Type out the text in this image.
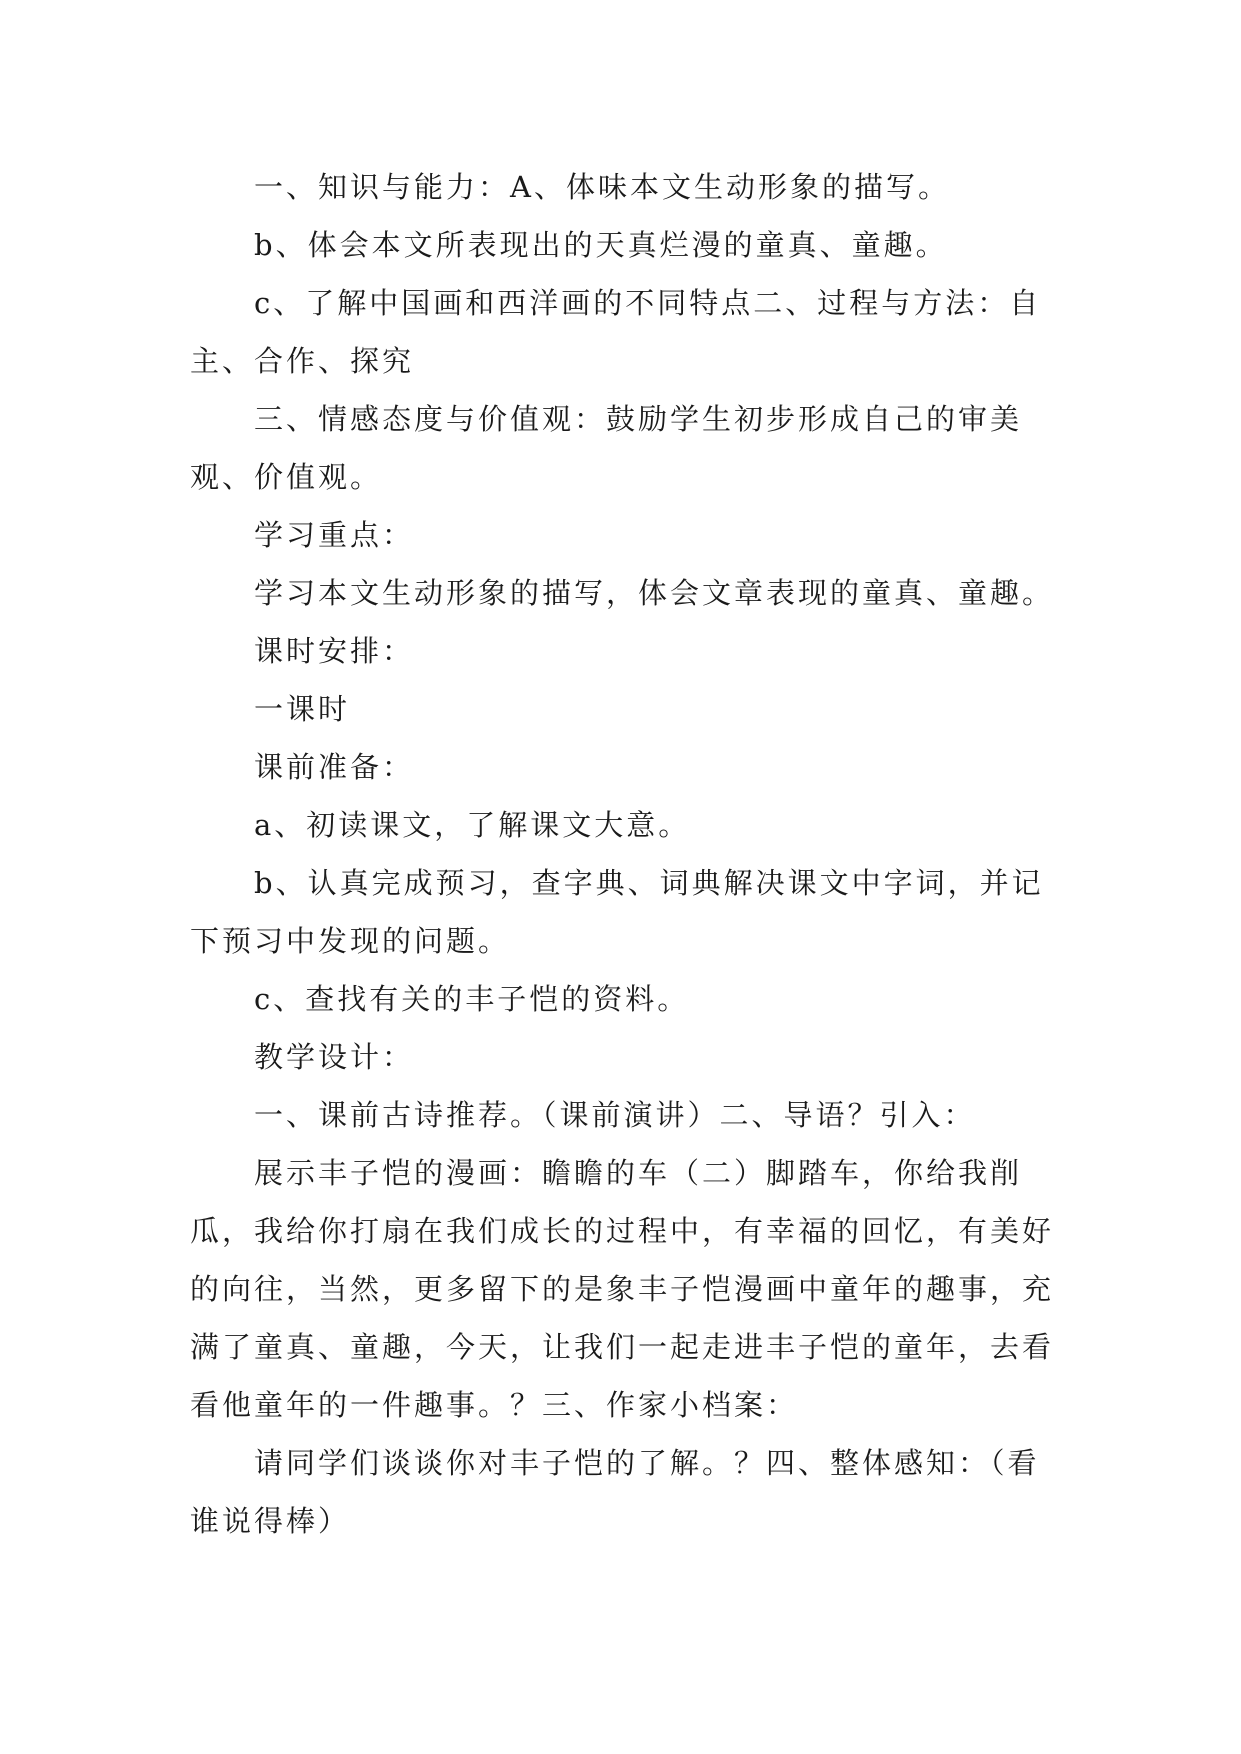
一、知识与能力：A、体味本文生动形象的描写。

b、体会本文所表现出的天真烂漫的童真、童趣。

c、了解中国画和西洋画的不同特点二、过程与方法：自主、合作、探究

三、情感态度与价值观：鼓励学生初步形成自己的审美观、价值观。

学习重点：

学习本文生动形象的描写，体会文章表现的童真、童趣。

课时安排：

一课时

课前准备：

a、初读课文，了解课文大意。

b、认真完成预习，查字典、词典解决课文中字词，并记下预习中发现的问题。

c、查找有关的丰子恺的资料。

教学设计：

一、课前古诗推荐。（课前演讲）二、导语？引入：

展示丰子恺的漫画：瞻瞻的车（二）脚踏车，你给我削瓜，我给你打扇在我们成长的过程中，有幸福的回忆，有美好的向往，当然，更多留下的是象丰子恺漫画中童年的趣事，充满了童真、童趣，今天，让我们一起走进丰子恺的童年，去看看他童年的一件趣事。？三、作家小档案：

请同学们谈谈你对丰子恺的了解。？四、整体感知：（看谁说得棒）
